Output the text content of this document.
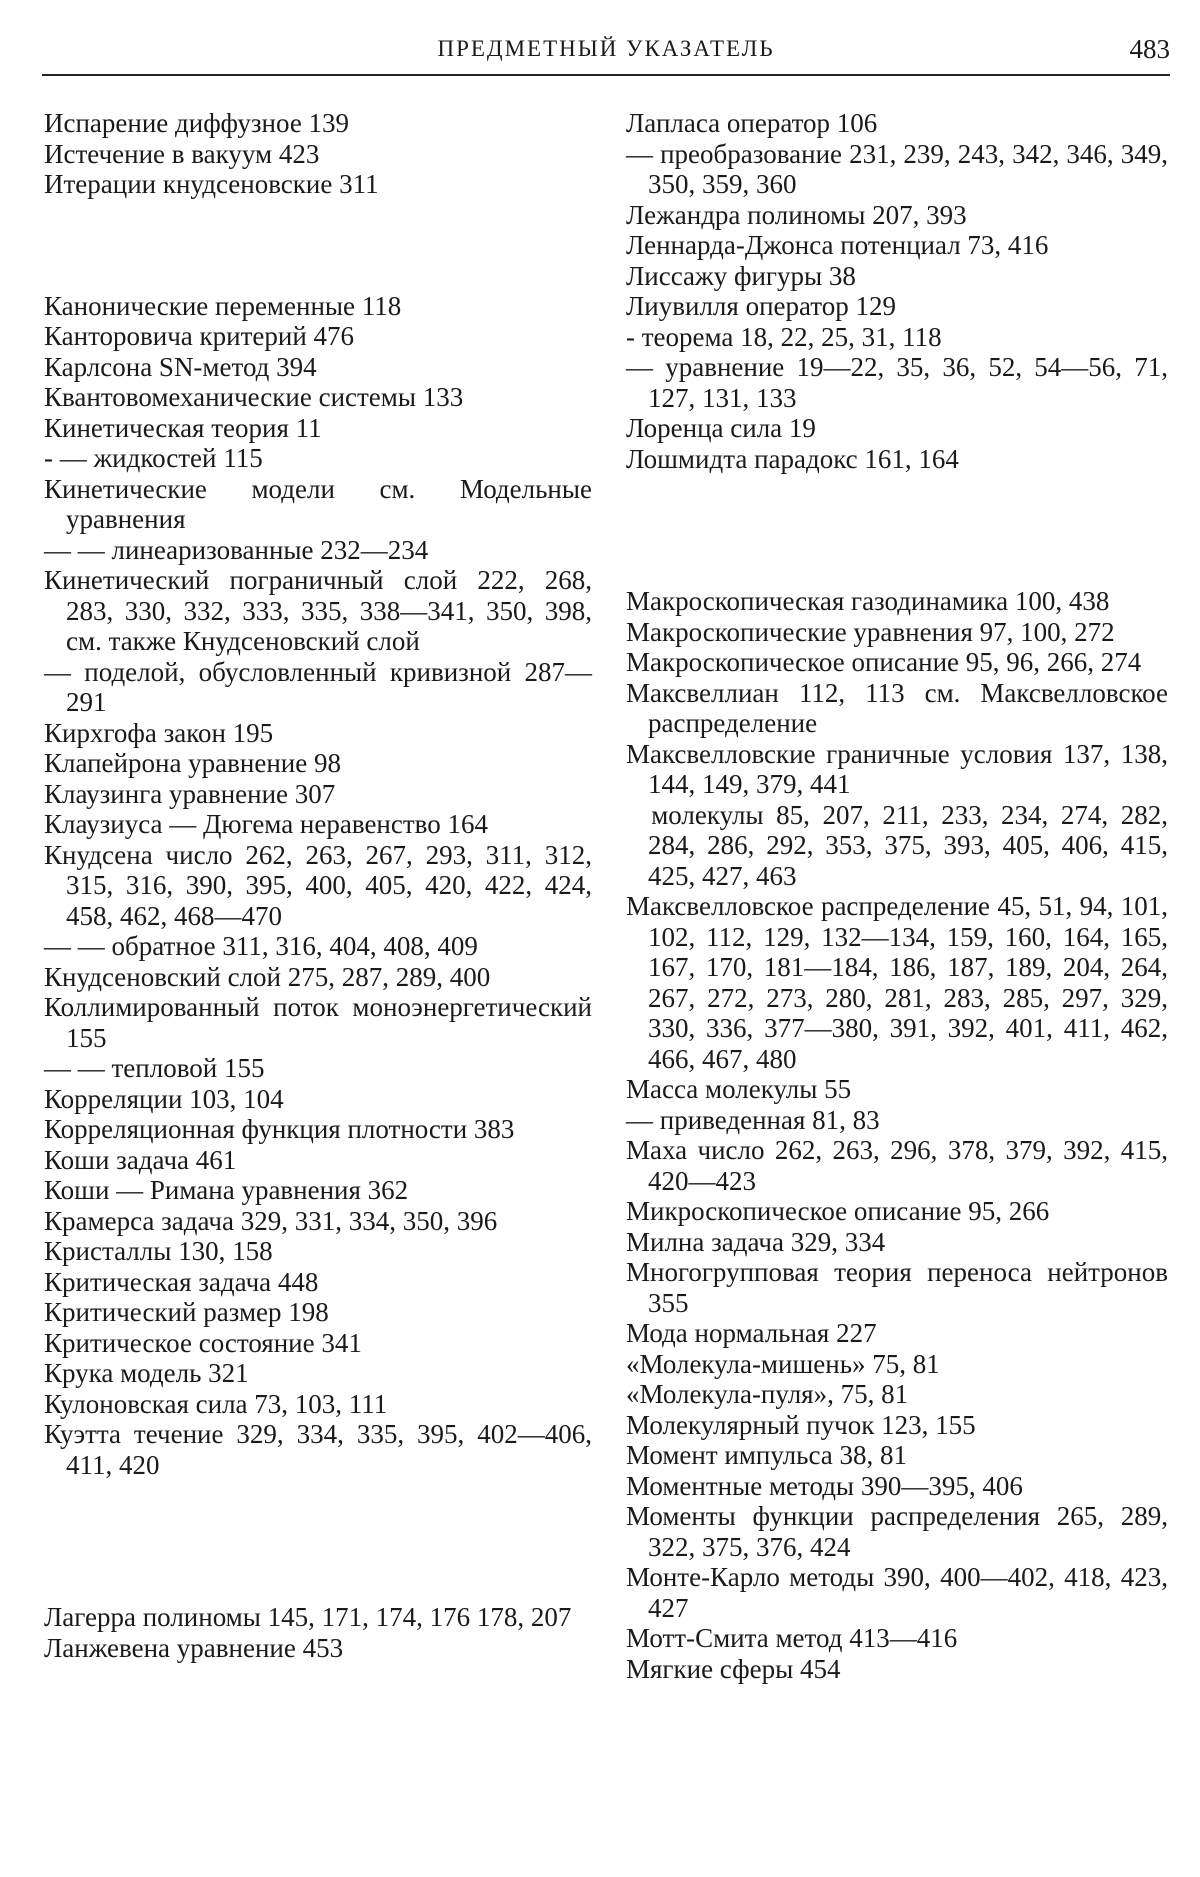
ПРЕДМЕТНЫЙ УКАЗАТЕЛЬ	483
Испарение диффузное 139
Истечение в вакуум 423
Итерации кнудсеновские 311
Канонические переменные 118
Канторовича критерий 476
Карлсона SN-метод 394
Квантовомеханические системы 133
Кинетическая теория 11
- — жидкостей 115
Кинетические модели см. Модельные уравнения
— — линеаризованные 232—234
Кинетический пограничный слой 222, 268, 283, 330, 332, 333, 335, 338—341, 350, 398, см. также Кнудсеновский слой
— поделой, обусловленный кривизной 287—291
Кирхгофа закон 195
Клапейрона уравнение 98
Клаузинга уравнение 307
Клаузиуса — Дюгема неравенство 164
Кнудсена число 262, 263, 267, 293, 311, 312, 315, 316, 390, 395, 400, 405, 420, 422, 424, 458, 462, 468—470
— — обратное 311, 316, 404, 408, 409
Кнудсеновский слой 275, 287, 289, 400
Коллимированный поток моноэнергетический 155
— — тепловой 155
Корреляции 103, 104
Корреляционная функция плотности 383
Коши задача 461
Коши — Римана уравнения 362
Крамерса задача 329, 331, 334, 350, 396
Кристаллы 130, 158
Критическая задача 448
Критический размер 198
Критическое состояние 341
Крука модель 321
Кулоновская сила 73, 103, 111
Куэтта течение 329, 334, 335, 395, 402—406, 411, 420
Лагерра полиномы 145, 171, 174, 176 178, 207
Ланжевена уравнение 453
Лапласа оператор 106
— преобразование 231, 239, 243, 342, 346, 349, 350, 359, 360
Лежандра полиномы 207, 393
Леннарда-Джонса потенциал 73, 416
Лиссажу фигуры 38
Лиувилля оператор 129
- теорема 18, 22, 25, 31, 118
— уравнение 19—22, 35, 36, 52, 54—56, 71, 127, 131, 133
Лоренца сила 19
Лошмидта парадокс 161, 164
Макроскопическая газодинамика 100, 438
Макроскопические уравнения 97, 100, 272
Макроскопическое описание 95, 96, 266, 274
Максвеллиан 112, 113 см. Максвелловское распределение
Максвелловские граничные условия 137, 138, 144, 149, 379, 441
молекулы 85, 207, 211, 233, 234, 274, 282, 284, 286, 292, 353, 375, 393, 405, 406, 415, 425, 427, 463
Максвелловское распределение 45, 51, 94, 101, 102, 112, 129, 132—134, 159, 160, 164, 165, 167, 170, 181—184, 186, 187, 189, 204, 264, 267, 272, 273, 280, 281, 283, 285, 297, 329, 330, 336, 377—380, 391, 392, 401, 411, 462, 466, 467, 480
Масса молекулы 55
— приведенная 81, 83
Маха число 262, 263, 296, 378, 379, 392, 415, 420—423
Микроскопическое описание 95, 266
Милна задача 329, 334
Многогрупповая теория переноса нейтронов 355
Мода нормальная 227
«Молекула-мишень» 75, 81
«Молекула-пуля», 75, 81
Молекулярный пучок 123, 155
Момент импульса 38, 81
Моментные методы 390—395, 406
Моменты функции распределения 265, 289, 322, 375, 376, 424
Монте-Карло методы 390, 400—402, 418, 423, 427
Мотт-Смита метод 413—416
Мягкие сферы 454
